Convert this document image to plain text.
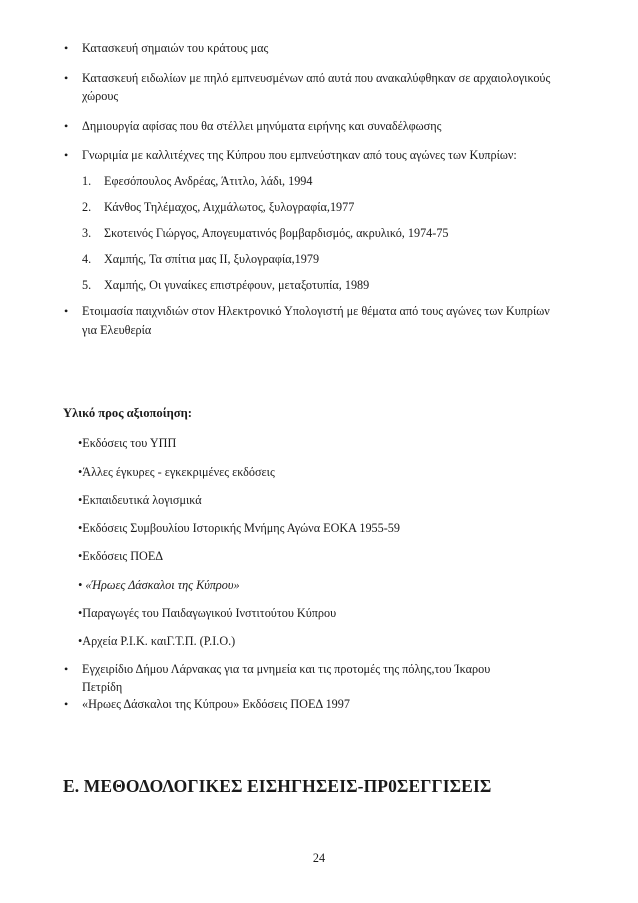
• Κατασκευή σημαιών του κράτους μας
• Κατασκευή ειδωλίων με πηλό εμπνευσμένων από αυτά που ανακαλύφθηκαν σε αρχαιολογικούς
χώρους
• Δημιουργία αφίσας που θα στέλλει μηνύματα ειρήνης και συναδέλφωσης
• Γνωριμία με καλλιτέχνες της Κύπρου που εμπνεύστηκαν από τους αγώνες των Κυπρίων:
1. Εφεσόπουλος Ανδρέας, Άτιτλο, λάδι, 1994
2. Κάνθος Τηλέμαχος, Αιχμάλωτος, ξυλογραφία,1977
3. Σκοτεινός Γιώργος, Απογευματινός βομβαρδισμός, ακρυλικό, 1974-75
4. Χαμπής, Τα σπίτια μας ΙΙ, ξυλογραφία,1979
5. Χαμπής, Οι γυναίκες επιστρέφουν, μεταξοτυπία, 1989
• Ετοιμασία παιχνιδιών στον Ηλεκτρονικό Υπολογιστή με θέματα από τους αγώνες των Κυπρίων
για Ελευθερία
Υλικό προς αξιοποίηση:
•Εκδόσεις του ΥΠΠ
•Άλλες έγκυρες - εγκεκριμένες εκδόσεις
•Εκπαιδευτικά λογισμικά
•Εκδόσεις Συμβουλίου Ιστορικής Μνήμης Αγώνα ΕΟΚΑ 1955-59
•Εκδόσεις ΠΟΕΔ
• «Ήρωες Δάσκαλοι της Κύπρου»
•Παραγωγές του Παιδαγωγικού Ινστιτούτου Κύπρου
•Αρχεία Ρ.Ι.Κ. καιΓ.Τ.Π. (Ρ.Ι.Ο.)
• Εγχειρίδιο Δήμου Λάρνακας για τα μνημεία και τις προτομές της πόλης,του Ίκαρου
Πετρίδη
• «Ηρωες Δάσκαλοι της Κύπρου» Εκδόσεις ΠΟΕΔ 1997
Ε. ΜΕΘΟΔΟΛΟΓΙΚΕΣ ΕΙΣΗΓΗΣΕΙΣ-ΠΡ0ΣΕΓΓΙΣΕΙΣ
24
